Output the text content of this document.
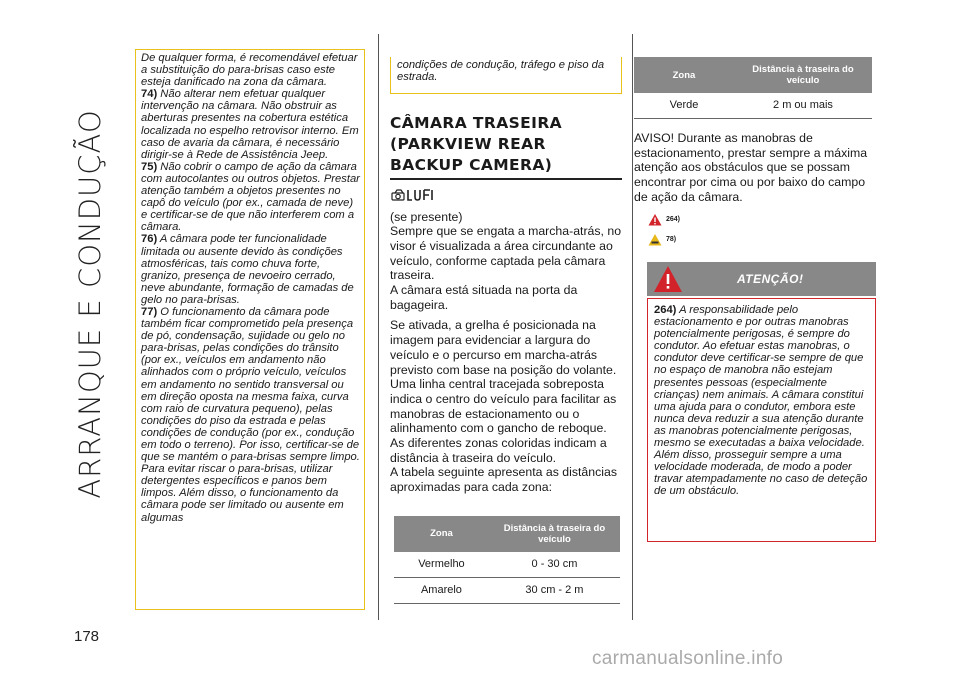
ARRANQUE E CONDUÇÃO
178

De qualquer forma, é recomendável efetuar a substituição do para-brisas caso este esteja danificado na zona da câmara.

74) Não alterar nem efetuar qualquer intervenção na câmara. Não obstruir as aberturas presentes na cobertura estética localizada no espelho retrovisor interno. Em caso de avaria da câmara, é necessário dirigir-se à Rede de Assistência Jeep.

75) Não cobrir o campo de ação da câmara com autocolantes ou outros objetos. Prestar atenção também a objetos presentes no capô do veículo (por ex., camada de neve) e certificar-se de que não interferem com a câmara.

76) A câmara pode ter funcionalidade limitada ou ausente devido às condições atmosféricas, tais como chuva forte, granizo, presença de nevoeiro cerrado, neve abundante, formação de camadas de gelo no para-brisas.

77) O funcionamento da câmara pode também ficar comprometido pela presença de pó, condensação, sujidade ou gelo no para-brisas, pelas condições do trânsito (por ex., veículos em andamento não alinhados com o próprio veículo, veículos em andamento no sentido transversal ou em direção oposta na mesma faixa, curva com raio de curvatura pequeno), pelas condições do piso da estrada e pelas condições de condução (por ex., condução em todo o terreno). Por isso, certificar-se de que se mantém o para-brisas sempre limpo. Para evitar riscar o para-brisas, utilizar detergentes específicos e panos bem limpos. Além disso, o funcionamento da câmara pode ser limitado ou ausente em algumas

condições de condução, tráfego e piso da estrada.
CÂMARA TRASEIRA
(PARKVIEW REAR
BACKUP CAMERA)

(se presente)

Sempre que se engata a marcha-atrás, no visor é visualizada a área circundante ao veículo, conforme captada pela câmara traseira.

A câmara está situada na porta da bagageira.

Se ativada, a grelha é posicionada na imagem para evidenciar a largura do veículo e o percurso em marcha-atrás previsto com base na posição do volante. Uma linha central tracejada sobreposta indica o centro do veículo para facilitar as manobras de estacionamento ou o alinhamento com o gancho de reboque.

As diferentes zonas coloridas indicam a distância à traseira do veículo.

A tabela seguinte apresenta as distâncias aproximadas para cada zona:

Zona	Distância à traseira do veículo
Vermelho	0 - 30 cm
Amarelo	30 cm - 2 m
Zona	Distância à traseira do veículo
Verde	2 m ou mais
AVISO! Durante as manobras de estacionamento, prestar sempre a máxima atenção aos obstáculos que se possam encontrar por cima ou por baixo do campo de ação da câmara.
264)
78)
ATENÇÃO!
264) A responsabilidade pelo estacionamento e por outras manobras potencialmente perigosas, é sempre do condutor. Ao efetuar estas manobras, o condutor deve certificar-se sempre de que no espaço de manobra não estejam presentes pessoas (especialmente crianças) nem animais. A câmara constitui uma ajuda para o condutor, embora este nunca deva reduzir a sua atenção durante as manobras potencialmente perigosas, mesmo se executadas a baixa velocidade. Além disso, prosseguir sempre a uma velocidade moderada, de modo a poder travar atempadamente no caso de deteção de um obstáculo.
carmanualsonline.info
